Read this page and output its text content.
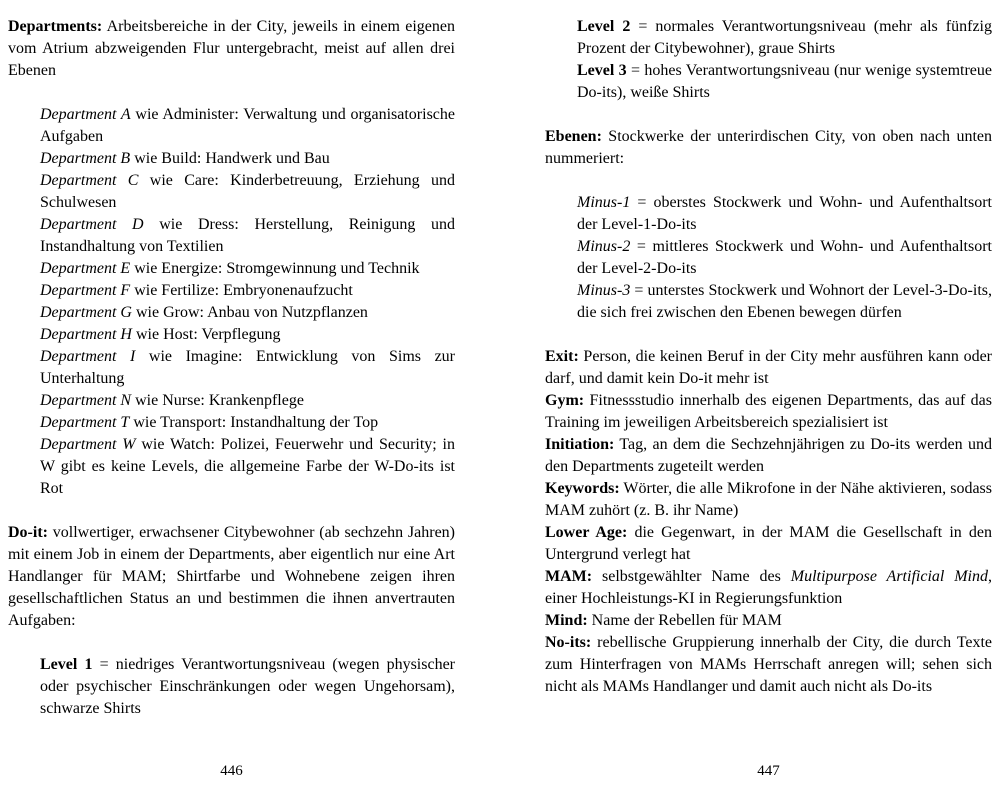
Departments: Arbeitsbereiche in der City, jeweils in einem eigenen vom Atrium abzweigenden Flur untergebracht, meist auf allen drei Ebenen

Department A wie Administer: Verwaltung und organisatorische Aufgaben

Department B wie Build: Handwerk und Bau

Department C wie Care: Kinderbetreuung, Erziehung und Schulwesen

Department D wie Dress: Herstellung, Reinigung und Instandhaltung von Textilien

Department E wie Energize: Stromgewinnung und Technik

Department F wie Fertilize: Embryonenaufzucht

Department G wie Grow: Anbau von Nutzpflanzen

Department H wie Host: Verpflegung

Department I wie Imagine: Entwicklung von Sims zur Unterhaltung

Department N wie Nurse: Krankenpflege

Department T wie Transport: Instandhaltung der Top

Department W wie Watch: Polizei, Feuerwehr und Security; in W gibt es keine Levels, die allgemeine Farbe der W-Do-its ist Rot

Do-it: vollwertiger, erwachsener Citybewohner (ab sechzehn Jahren) mit einem Job in einem der Departments, aber eigentlich nur eine Art Handlanger für MAM; Shirtfarbe und Wohnebene zeigen ihren gesellschaftlichen Status an und bestimmen die ihnen anvertrauten Aufgaben:

Level 1 = niedriges Verantwortungsniveau (wegen physischer oder psychischer Einschränkungen oder wegen Ungehorsam), schwarze Shirts

446

Level 2 = normales Verantwortungsniveau (mehr als fünfzig Prozent der Citybewohner), graue Shirts

Level 3 = hohes Verantwortungsniveau (nur wenige systemtreue Do-its), weiße Shirts

Ebenen: Stockwerke der unterirdischen City, von oben nach unten nummeriert:

Minus-1 = oberstes Stockwerk und Wohn- und Aufenthaltsort der Level-1-Do-its

Minus-2 = mittleres Stockwerk und Wohn- und Aufenthaltsort der Level-2-Do-its

Minus-3 = unterstes Stockwerk und Wohnort der Level-3-Do-its, die sich frei zwischen den Ebenen bewegen dürfen

Exit: Person, die keinen Beruf in der City mehr ausführen kann oder darf, und damit kein Do-it mehr ist

Gym: Fitnessstudio innerhalb des eigenen Departments, das auf das Training im jeweiligen Arbeitsbereich spezialisiert ist

Initiation: Tag, an dem die Sechzehnjährigen zu Do-its werden und den Departments zugeteilt werden

Keywords: Wörter, die alle Mikrofone in der Nähe aktivieren, sodass MAM zuhört (z. B. ihr Name)

Lower Age: die Gegenwart, in der MAM die Gesellschaft in den Untergrund verlegt hat

MAM: selbstgewählter Name des Multipurpose Artificial Mind, einer Hochleistungs-KI in Regierungsfunktion

Mind: Name der Rebellen für MAM

No-its: rebellische Gruppierung innerhalb der City, die durch Texte zum Hinterfragen von MAMs Herrschaft anregen will; sehen sich nicht als MAMs Handlanger und damit auch nicht als Do-its

447
